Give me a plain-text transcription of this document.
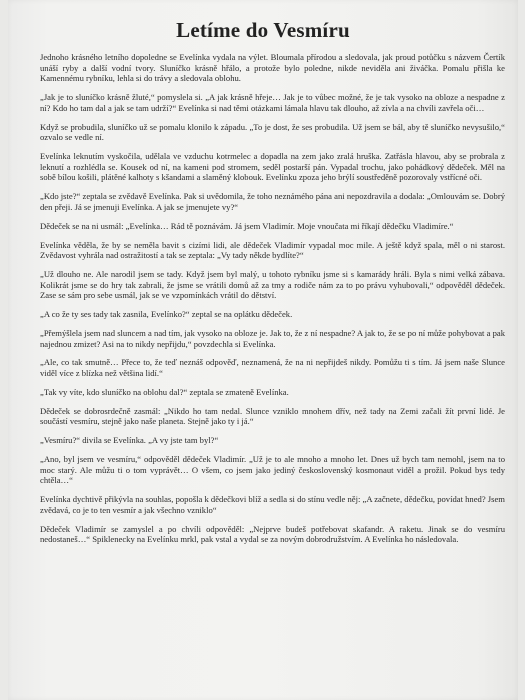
Letíme do Vesmíru

Jednoho krásného letního dopoledne se Evelínka vydala na výlet. Bloumala přírodou a sledovala, jak proud potůčku s názvem Čertík unáší ryby a další vodní tvory. Sluníčko krásně hřálo, a protože bylo poledne, nikde neviděla ani živáčka. Pomalu přišla ke Kamennému rybníku, lehla si do trávy a sledovala oblohu.

„Jak je to sluníčko krásně žluté,“ pomyslela si. „A jak krásně hřeje… Jak je to vůbec možné, že je tak vysoko na obloze a nespadne z ní? Kdo ho tam dal a jak se tam udrží?“ Evelínka si nad těmi otázkami lámala hlavu tak dlouho, až zívla a na chvíli zavřela oči…

Když se probudila, sluníčko už se pomalu klonilo k západu. „To je dost, že ses probudila. Už jsem se bál, aby tě sluníčko nevysušilo,“ ozvalo se vedle ní.

Evelínka leknutím vyskočila, udělala ve vzduchu kotrmelec a dopadla na zem jako zralá hruška. Zatřásla hlavou, aby se probrala z leknutí a rozhlédla se. Kousek od ní, na kameni pod stromem, seděl postarší pán. Vypadal trochu, jako pohádkový dědeček. Měl na sobě bílou košili, plátěné kalhoty s kšandami a slaměný klobouk. Evelínku zpoza jeho brýlí soustředěně pozorovaly vstřícné oči.

„Kdo jste?“ zeptala se zvědavě Evelínka. Pak si uvědomila, že toho neznámého pána ani nepozdravila a dodala: „Omlouvám se. Dobrý den přeji. Já se jmenuji Evelínka. A jak se jmenujete vy?“

Dědeček se na ni usmál: „Evelínka… Rád tě poznávám. Já jsem Vladimír. Moje vnoučata mi říkají dědečku Vladimíre.“

Evelínka věděla, že by se neměla bavit s cizími lidi, ale dědeček Vladimír vypadal moc mile. A ještě když spala, měl o ni starost. Zvědavost vyhrála nad ostražitostí a tak se zeptala: „Vy tady někde bydlíte?“

„Už dlouho ne. Ale narodil jsem se tady. Když jsem byl malý, u tohoto rybníku jsme si s kamarády hráli. Byla s nimi velká zábava. Kolikrát jsme se do hry tak zabrali, že jsme se vrátili domů až za tmy a rodiče nám za to po právu vyhubovali,“ odpověděl dědeček. Zase se sám pro sebe usmál, jak se ve vzpomínkách vrátil do dětství.

„A co že ty ses tady tak zasnila, Evelínko?“ zeptal se na oplátku dědeček.

„Přemýšlela jsem nad sluncem a nad tím, jak vysoko na obloze je. Jak to, že z ní nespadne? A jak to, že se po ní může pohybovat a pak najednou zmizet? Asi na to nikdy nepřijdu,“ povzdechla si Evelínka.

„Ale, co tak smutně… Přece to, že teď neznáš odpověď, neznamená, že na ni nepřijdeš nikdy. Pomůžu ti s tím. Já jsem naše Slunce viděl více z blízka než většina lidí.“

„Tak vy víte, kdo sluníčko na oblohu dal?“ zeptala se zmateně Evelínka.

Dědeček se dobrosrdečně zasmál: „Nikdo ho tam nedal. Slunce vzniklo mnohem dřív, než tady na Zemi začali žít první lidé. Je součástí vesmíru, stejně jako naše planeta. Stejně jako ty i já.“

„Vesmíru?“ divila se Evelínka. „A vy jste tam byl?“

„Ano, byl jsem ve vesmíru,“ odpověděl dědeček Vladimír. „Už je to ale mnoho a mnoho let. Dnes už bych tam nemohl, jsem na to moc starý. Ale můžu ti o tom vyprávět… O všem, co jsem jako jediný československý kosmonaut viděl a prožil. Pokud bys tedy chtěla…“

Evelínka dychtivě přikývla na souhlas, popošla k dědečkovi blíž a sedla si do stínu vedle něj: „A začnete, dědečku, povídat hned? Jsem zvědavá, co je to ten vesmír a jak všechno vzniklo“

Dědeček Vladimír se zamyslel a po chvíli odpověděl: „Nejprve budeš potřebovat skafandr. A raketu. Jinak se do vesmíru nedostaneš…“ Spiklenecky na Evelínku mrkl, pak vstal a vydal se za novým dobrodružstvím. A Evelínka ho následovala.
